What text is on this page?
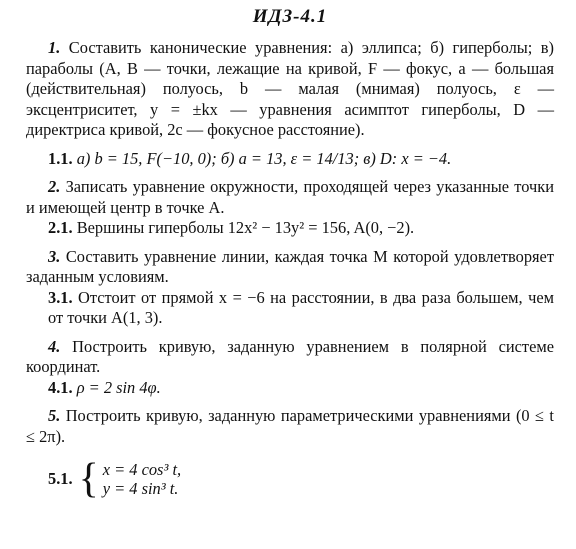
ИДЗ-4.1
1. Составить канонические уравнения: а) эллипса; б) гиперболы; в) параболы (A, B — точки, лежащие на кривой, F — фокус, a — большая (действительная) полуось, b — малая (мнимая) полуось, ε — эксцентриситет, y = ±kx — уравнения асимптот гиперболы, D — директриса кривой, 2c — фокусное расстояние).
1.1. а) b = 15, F(−10, 0); б) a = 13, ε = 14/13; в) D: x = −4.
2. Записать уравнение окружности, проходящей через указанные точки и имеющей центр в точке A.
2.1. Вершины гиперболы 12x² − 13y² = 156, A(0, −2).
3. Составить уравнение линии, каждая точка M которой удовлетворяет заданным условиям.
3.1. Отстоит от прямой x = −6 на расстоянии, в два раза большем, чем от точки A(1, 3).
4. Построить кривую, заданную уравнением в полярной системе координат.
4.1. ρ = 2 sin 4φ.
5. Построить кривую, заданную параметрическими уравнениями (0 ≤ t ≤ 2π).
5.1. { x = 4 cos³ t,
y = 4 sin³ t.
